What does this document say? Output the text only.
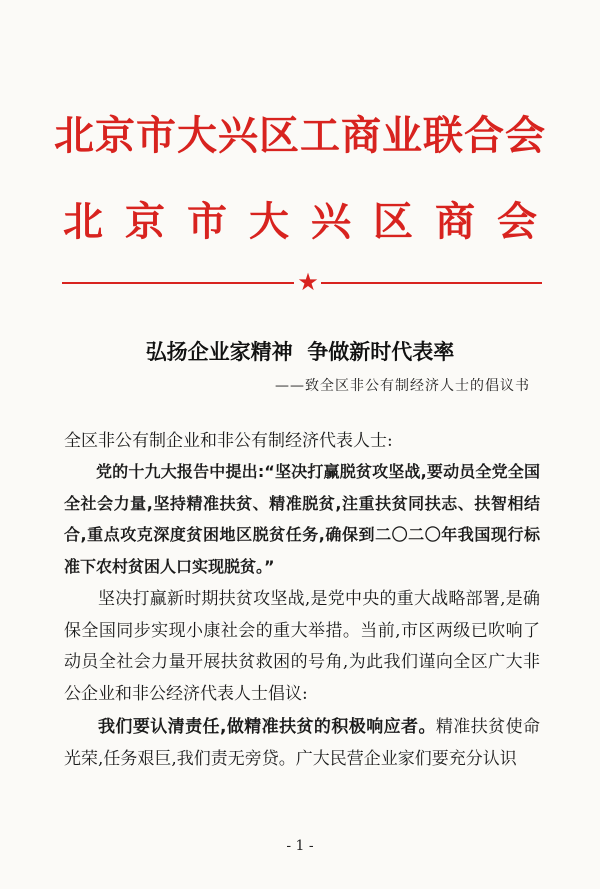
北京市大兴区工商业联合会
北京市大兴区商会
★
弘扬企业家精神  争做新时代表率
——致全区非公有制经济人士的倡议书
全区非公有制企业和非公有制经济代表人士:
党的十九大报告中提出:“坚决打赢脱贫攻坚战,要动员全党全国全社会力量,坚持精准扶贫、精准脱贫,注重扶贫同扶志、扶智相结合,重点攻克深度贫困地区脱贫任务,确保到二〇二〇年我国现行标准下农村贫困人口实现脱贫。”
坚决打赢新时期扶贫攻坚战,是党中央的重大战略部署,是确保全国同步实现小康社会的重大举措。当前,市区两级已吹响了动员全社会力量开展扶贫救困的号角,为此我们谨向全区广大非公企业和非公经济代表人士倡议:
我们要认清责任,做精准扶贫的积极响应者。精准扶贫使命光荣,任务艰巨,我们责无旁贷。广大民营企业家们要充分认识
- 1 -
